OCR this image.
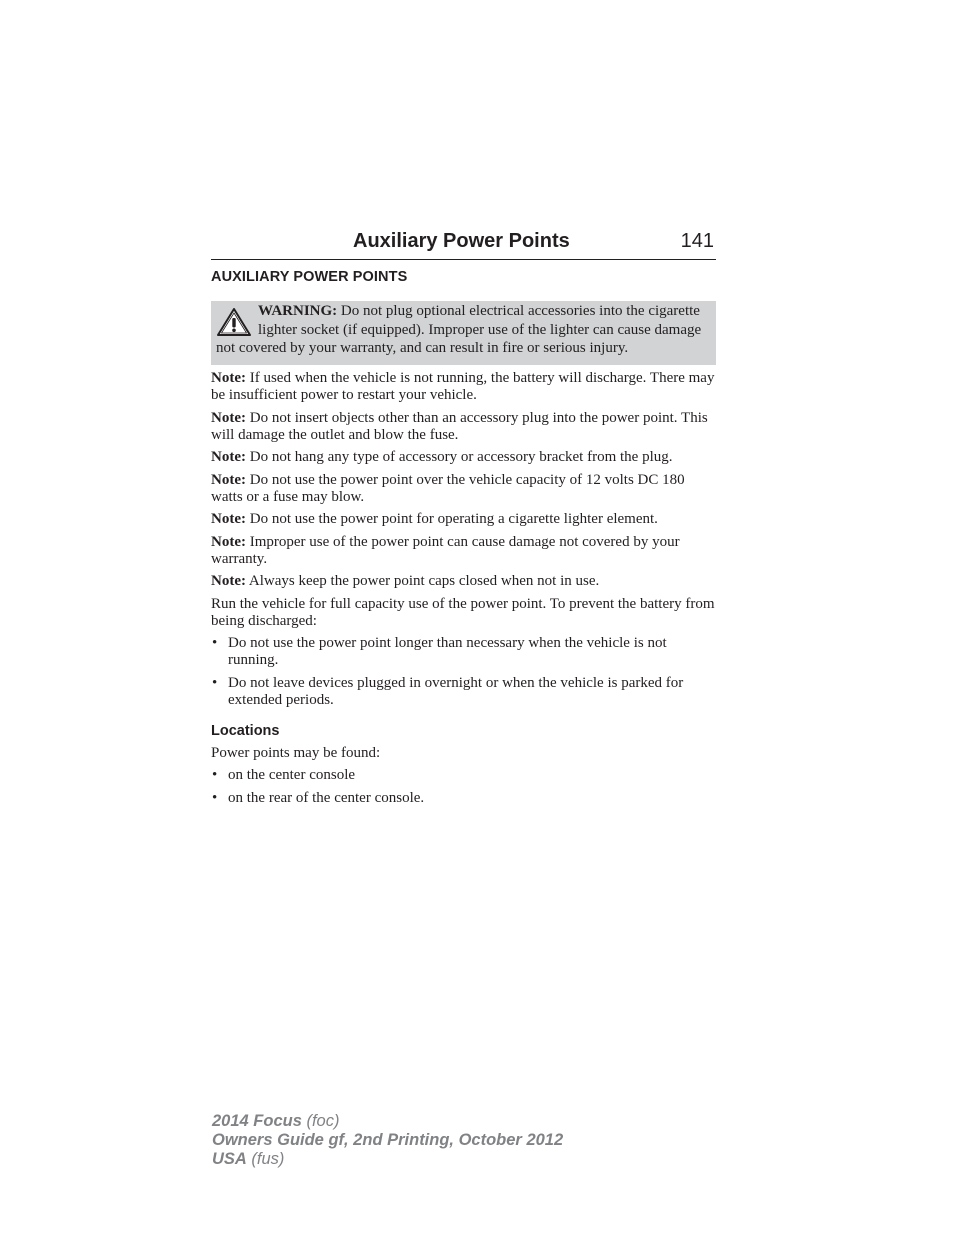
Auxiliary Power Points	141
AUXILIARY POWER POINTS
WARNING: Do not plug optional electrical accessories into the cigarette lighter socket (if equipped). Improper use of the lighter can cause damage not covered by your warranty, and can result in fire or serious injury.

Note: If used when the vehicle is not running, the battery will discharge. There may be insufficient power to restart your vehicle.

Note: Do not insert objects other than an accessory plug into the power point. This will damage the outlet and blow the fuse.

Note: Do not hang any type of accessory or accessory bracket from the plug.

Note: Do not use the power point over the vehicle capacity of 12 volts DC 180 watts or a fuse may blow.

Note: Do not use the power point for operating a cigarette lighter element.

Note: Improper use of the power point can cause damage not covered by your warranty.

Note: Always keep the power point caps closed when not in use.

Run the vehicle for full capacity use of the power point. To prevent the battery from being discharged:

• Do not use the power point longer than necessary when the vehicle is not running.
• Do not leave devices plugged in overnight or when the vehicle is parked for extended periods.
Locations

Power points may be found:

• on the center console
• on the rear of the center console.
2014 Focus (foc)
Owners Guide gf, 2nd Printing, October 2012
USA (fus)
